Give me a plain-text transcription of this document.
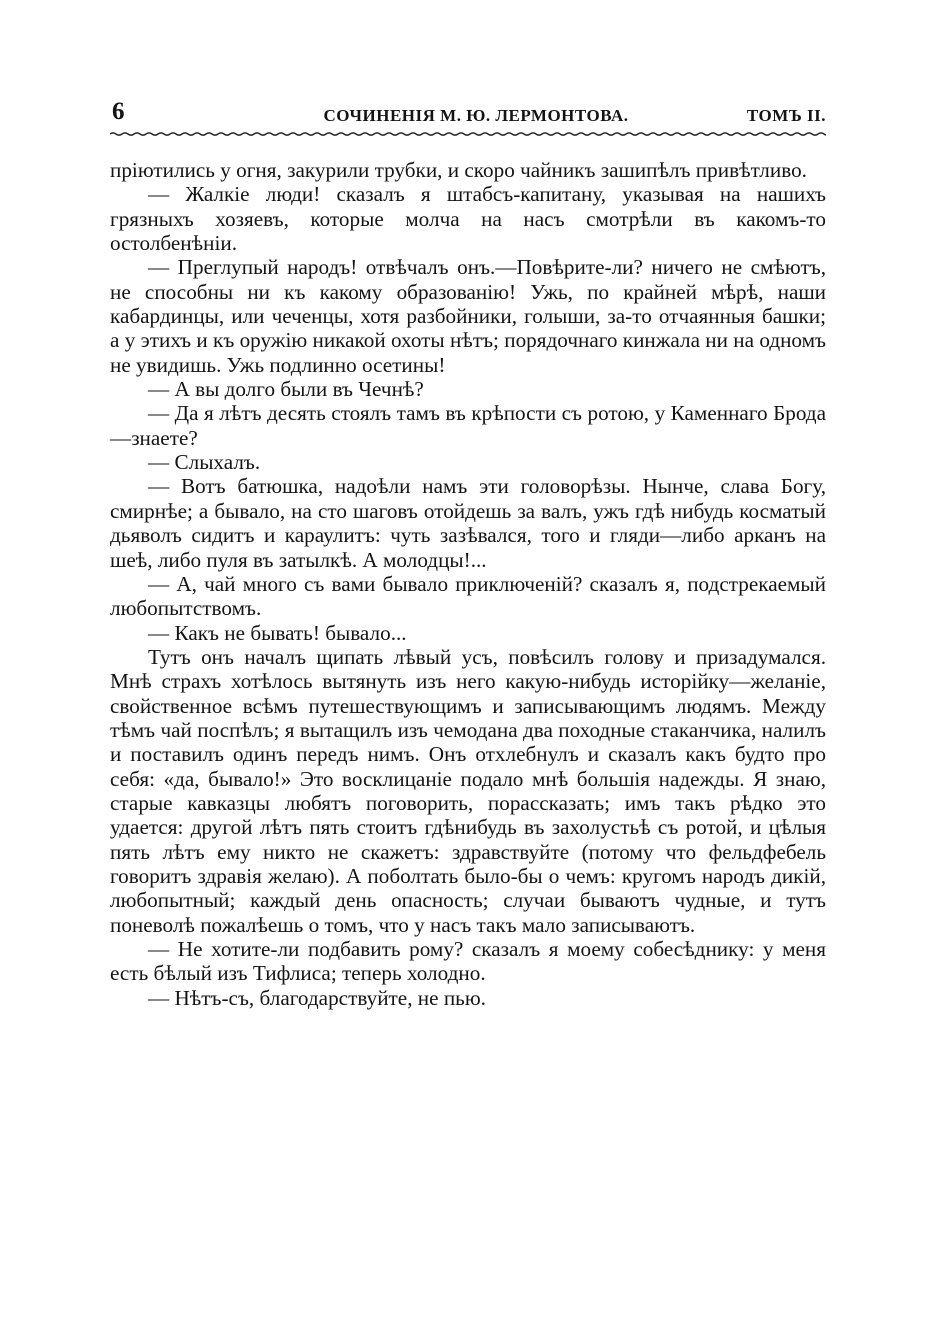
6	СОЧИНЕНІЯ М. Ю. ЛЕРМОНТОВА.	ТОМЪ II.

пріютились у огня, закурили трубки, и скоро чайникъ зашипѣлъ привѣтливо.

— Жалкіе люди! сказалъ я штабсъ-капитану, указывая на нашихъ грязныхъ хозяевъ, которые молча на насъ смотрѣли въ какомъ-то остолбенѣніи.

— Преглупый народъ! отвѣчалъ онъ.—Повѣрите-ли? ничего не смѣютъ, не способны ни къ какому образованію! Ужь, по крайней мѣрѣ, наши кабардинцы, или чеченцы, хотя разбойники, голыши, за-то отчаянныя башки; а у этихъ и къ оружію никакой охоты нѣтъ; порядочнаго кинжала ни на одномъ не увидишь. Ужь подлинно осетины!

— А вы долго были въ Чечнѣ?

— Да я лѣтъ десять стоялъ тамъ въ крѣпости съ ротою, у Каменнаго Брода—знаете?

— Слыхалъ.

— Вотъ батюшка, надоѣли намъ эти головорѣзы. Нынче, слава Богу, смирнѣе; а бывало, на сто шаговъ отойдешь за валъ, ужъ гдѣ нибудь косматый дьяволъ сидитъ и караулитъ: чуть зазѣвался, того и гляди—либо арканъ на шеѣ, либо пуля въ затылкѣ. А молодцы!...

— А, чай много съ вами бывало приключеній? сказалъ я, подстрекаемый любопытствомъ.

— Какъ не бывать! бывало...

Тутъ онъ началъ щипать лѣвый усъ, повѣсилъ голову и призадумался. Мнѣ страхъ хотѣлось вытянуть изъ него какую-нибудь исторійку—желаніе, свойственное всѣмъ путешествующимъ и записывающимъ людямъ. Между тѣмъ чай поспѣлъ; я вытащилъ изъ чемодана два походные стаканчика, налилъ и поставилъ одинъ передъ нимъ. Онъ отхлебнулъ и сказалъ какъ будто про себя: «да, бывало!» Это восклицаніе подало мнѣ большія надежды. Я знаю, старые кавказцы любятъ поговорить, порассказать; имъ такъ рѣдко это удается: другой лѣтъ пять стоитъ гдѣнибудь въ захолустьѣ съ ротой, и цѣлыя пять лѣтъ ему никто не скажетъ: здравствуйте (потому что фельдфебель говоритъ здравія желаю). А поболтать было-бы о чемъ: кругомъ народъ дикій, любопытный; каждый день опасность; случаи бываютъ чудные, и тутъ поневолѣ пожалѣешь о томъ, что у насъ такъ мало записываютъ.

— Не хотите-ли подбавить рому? сказалъ я моему собесѣднику: у меня есть бѣлый изъ Тифлиса; теперь холодно.

— Нѣтъ-съ, благодарствуйте, не пью.
